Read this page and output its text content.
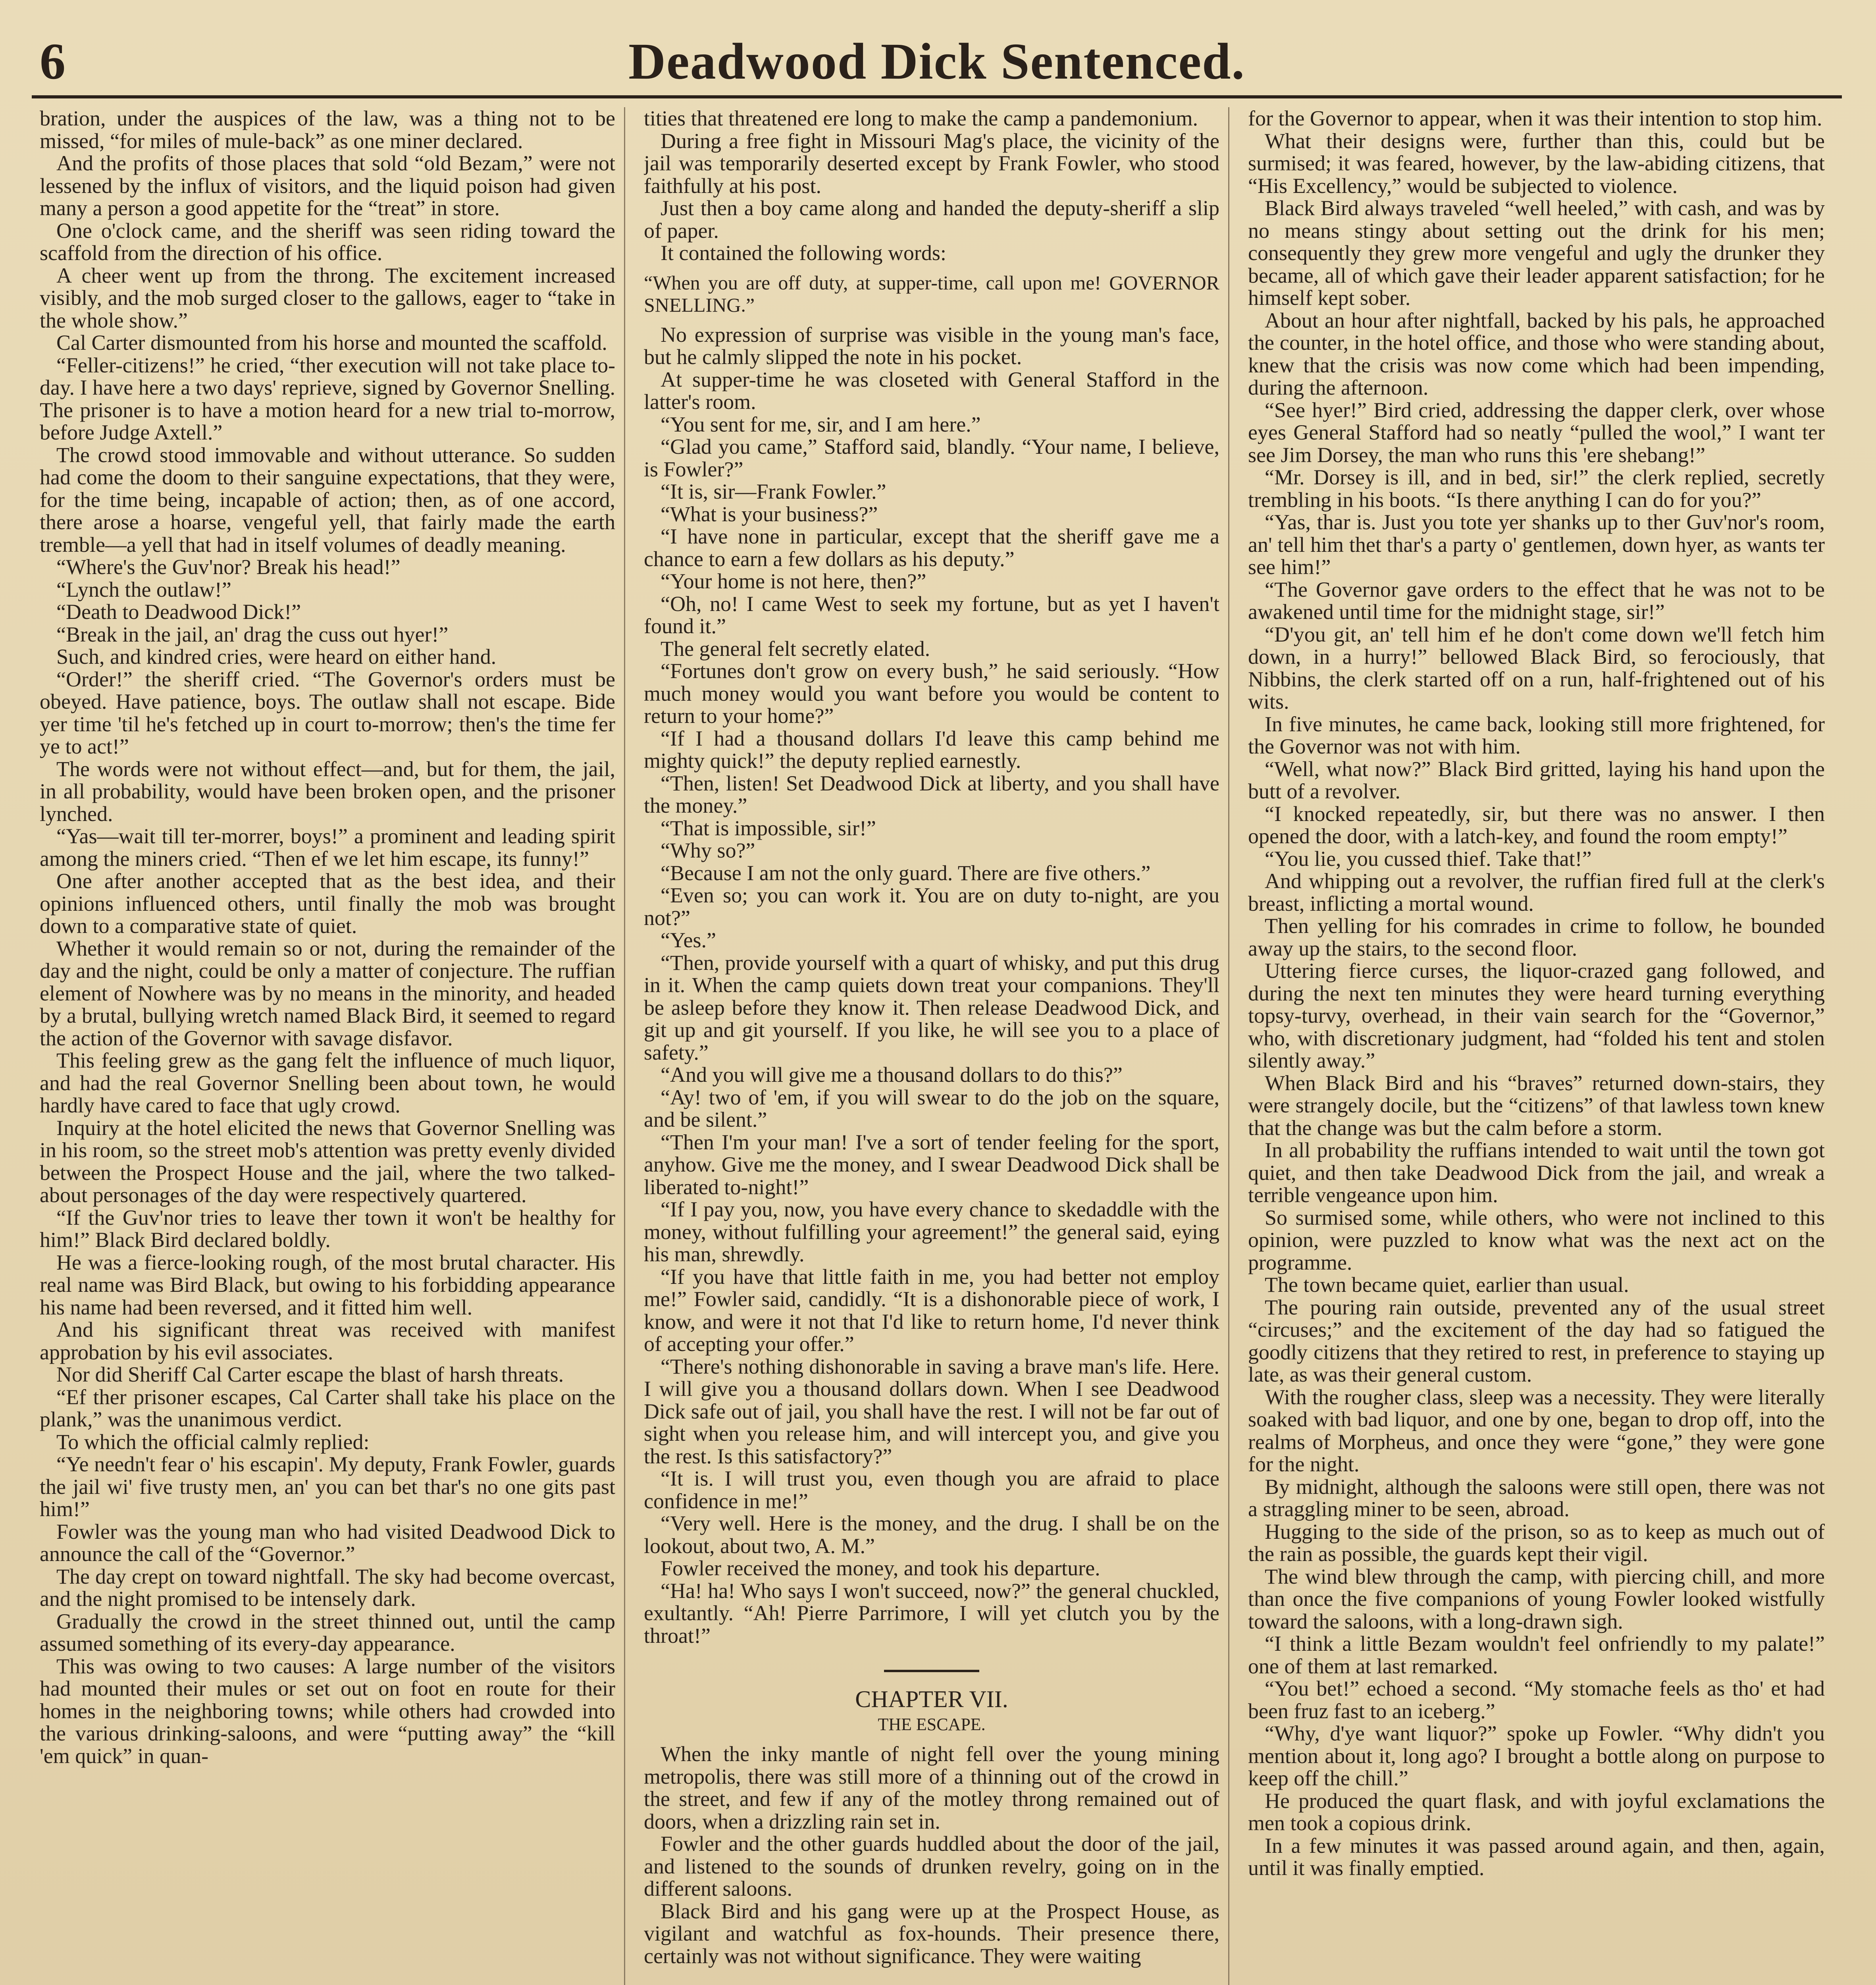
6	Deadwood Dick Sentenced.

bration, under the auspices of the law, was a thing not to be missed, “for miles of mule-back” as one miner declared.

And the profits of those places that sold “old Bezam,” were not lessened by the influx of visitors, and the liquid poison had given many a person a good appetite for the “treat” in store.

One o'clock came, and the sheriff was seen riding toward the scaffold from the direction of his office.

A cheer went up from the throng. The excitement increased visibly, and the mob surged closer to the gallows, eager to “take in the whole show.”

Cal Carter dismounted from his horse and mounted the scaffold.

“Feller-citizens!” he cried, “ther execution will not take place to-day. I have here a two days' reprieve, signed by Governor Snelling. The prisoner is to have a motion heard for a new trial to-morrow, before Judge Axtell.”

The crowd stood immovable and without utterance. So sudden had come the doom to their sanguine expectations, that they were, for the time being, incapable of action; then, as of one accord, there arose a hoarse, vengeful yell, that fairly made the earth tremble—a yell that had in itself volumes of deadly meaning.

“Where's the Guv'nor? Break his head!”

“Lynch the outlaw!”

“Death to Deadwood Dick!”

“Break in the jail, an' drag the cuss out hyer!”

Such, and kindred cries, were heard on either hand.

“Order!” the sheriff cried. “The Governor's orders must be obeyed. Have patience, boys. The outlaw shall not escape. Bide yer time 'til he's fetched up in court to-morrow; then's the time fer ye to act!”

The words were not without effect—and, but for them, the jail, in all probability, would have been broken open, and the prisoner lynched.

“Yas—wait till ter-morrer, boys!” a prominent and leading spirit among the miners cried. “Then ef we let him escape, its funny!”

One after another accepted that as the best idea, and their opinions influenced others, until finally the mob was brought down to a comparative state of quiet.

Whether it would remain so or not, during the remainder of the day and the night, could be only a matter of conjecture. The ruffian element of Nowhere was by no means in the minority, and headed by a brutal, bullying wretch named Black Bird, it seemed to regard the action of the Governor with savage disfavor.

This feeling grew as the gang felt the influence of much liquor, and had the real Governor Snelling been about town, he would hardly have cared to face that ugly crowd.

Inquiry at the hotel elicited the news that Governor Snelling was in his room, so the street mob's attention was pretty evenly divided between the Prospect House and the jail, where the two talked-about personages of the day were respectively quartered.

“If the Guv'nor tries to leave ther town it won't be healthy for him!” Black Bird declared boldly.

He was a fierce-looking rough, of the most brutal character. His real name was Bird Black, but owing to his forbidding appearance his name had been reversed, and it fitted him well.

And his significant threat was received with manifest approbation by his evil associates.

Nor did Sheriff Cal Carter escape the blast of harsh threats.

“Ef ther prisoner escapes, Cal Carter shall take his place on the plank,” was the unanimous verdict.

To which the official calmly replied:

“Ye needn't fear o' his escapin'. My deputy, Frank Fowler, guards the jail wi' five trusty men, an' you can bet thar's no one gits past him!”

Fowler was the young man who had visited Deadwood Dick to announce the call of the “Governor.”

The day crept on toward nightfall. The sky had become overcast, and the night promised to be intensely dark.

Gradually the crowd in the street thinned out, until the camp assumed something of its every-day appearance.

This was owing to two causes: A large number of the visitors had mounted their mules or set out on foot en route for their homes in the neighboring towns; while others had crowded into the various drinking-saloons, and were “putting away” the “kill 'em quick” in quan-

tities that threatened ere long to make the camp a pandemonium.

During a free fight in Missouri Mag's place, the vicinity of the jail was temporarily deserted except by Frank Fowler, who stood faithfully at his post.

Just then a boy came along and handed the deputy-sheriff a slip of paper.

It contained the following words:

“When you are off duty, at supper-time, call upon me! GOVERNOR SNELLING.”

No expression of surprise was visible in the young man's face, but he calmly slipped the note in his pocket.

At supper-time he was closeted with General Stafford in the latter's room.

“You sent for me, sir, and I am here.”

“Glad you came,” Stafford said, blandly. “Your name, I believe, is Fowler?”

“It is, sir—Frank Fowler.”

“What is your business?”

“I have none in particular, except that the sheriff gave me a chance to earn a few dollars as his deputy.”

“Your home is not here, then?”

“Oh, no! I came West to seek my fortune, but as yet I haven't found it.”

The general felt secretly elated.

“Fortunes don't grow on every bush,” he said seriously. “How much money would you want before you would be content to return to your home?”

“If I had a thousand dollars I'd leave this camp behind me mighty quick!” the deputy replied earnestly.

“Then, listen! Set Deadwood Dick at liberty, and you shall have the money.”

“That is impossible, sir!”

“Why so?”

“Because I am not the only guard. There are five others.”

“Even so; you can work it. You are on duty to-night, are you not?”

“Yes.”

“Then, provide yourself with a quart of whisky, and put this drug in it. When the camp quiets down treat your companions. They'll be asleep before they know it. Then release Deadwood Dick, and git up and git yourself. If you like, he will see you to a place of safety.”

“And you will give me a thousand dollars to do this?”

“Ay! two of 'em, if you will swear to do the job on the square, and be silent.”

“Then I'm your man! I've a sort of tender feeling for the sport, anyhow. Give me the money, and I swear Deadwood Dick shall be liberated to-night!”

“If I pay you, now, you have every chance to skedaddle with the money, without fulfilling your agreement!” the general said, eying his man, shrewdly.

“If you have that little faith in me, you had better not employ me!” Fowler said, candidly. “It is a dishonorable piece of work, I know, and were it not that I'd like to return home, I'd never think of accepting your offer.”

“There's nothing dishonorable in saving a brave man's life. Here. I will give you a thousand dollars down. When I see Deadwood Dick safe out of jail, you shall have the rest. I will not be far out of sight when you release him, and will intercept you, and give you the rest. Is this satisfactory?”

“It is. I will trust you, even though you are afraid to place confidence in me!”

“Very well. Here is the money, and the drug. I shall be on the lookout, about two, A. M.”

Fowler received the money, and took his departure.

“Ha! ha! Who says I won't succeed, now?” the general chuckled, exultantly. “Ah! Pierre Parrimore, I will yet clutch you by the throat!”

CHAPTER VII.

THE ESCAPE.

When the inky mantle of night fell over the young mining metropolis, there was still more of a thinning out of the crowd in the street, and few if any of the motley throng remained out of doors, when a drizzling rain set in.

Fowler and the other guards huddled about the door of the jail, and listened to the sounds of drunken revelry, going on in the different saloons.

Black Bird and his gang were up at the Prospect House, as vigilant and watchful as fox-hounds. Their presence there, certainly was not without significance. They were waiting

for the Governor to appear, when it was their intention to stop him.

What their designs were, further than this, could but be surmised; it was feared, however, by the law-abiding citizens, that “His Excellency,” would be subjected to violence.

Black Bird always traveled “well heeled,” with cash, and was by no means stingy about setting out the drink for his men; consequently they grew more vengeful and ugly the drunker they became, all of which gave their leader apparent satisfaction; for he himself kept sober.

About an hour after nightfall, backed by his pals, he approached the counter, in the hotel office, and those who were standing about, knew that the crisis was now come which had been impending, during the afternoon.

“See hyer!” Bird cried, addressing the dapper clerk, over whose eyes General Stafford had so neatly “pulled the wool,” I want ter see Jim Dorsey, the man who runs this 'ere shebang!”

“Mr. Dorsey is ill, and in bed, sir!” the clerk replied, secretly trembling in his boots. “Is there anything I can do for you?”

“Yas, thar is. Just you tote yer shanks up to ther Guv'nor's room, an' tell him thet thar's a party o' gentlemen, down hyer, as wants ter see him!”

“The Governor gave orders to the effect that he was not to be awakened until time for the midnight stage, sir!”

“D'you git, an' tell him ef he don't come down we'll fetch him down, in a hurry!” bellowed Black Bird, so ferociously, that Nibbins, the clerk started off on a run, half-frightened out of his wits.

In five minutes, he came back, looking still more frightened, for the Governor was not with him.

“Well, what now?” Black Bird gritted, laying his hand upon the butt of a revolver.

“I knocked repeatedly, sir, but there was no answer. I then opened the door, with a latch-key, and found the room empty!”

“You lie, you cussed thief. Take that!”

And whipping out a revolver, the ruffian fired full at the clerk's breast, inflicting a mortal wound.

Then yelling for his comrades in crime to follow, he bounded away up the stairs, to the second floor.

Uttering fierce curses, the liquor-crazed gang followed, and during the next ten minutes they were heard turning everything topsy-turvy, overhead, in their vain search for the “Governor,” who, with discretionary judgment, had “folded his tent and stolen silently away.”

When Black Bird and his “braves” returned down-stairs, they were strangely docile, but the “citizens” of that lawless town knew that the change was but the calm before a storm.

In all probability the ruffians intended to wait until the town got quiet, and then take Deadwood Dick from the jail, and wreak a terrible vengeance upon him.

So surmised some, while others, who were not inclined to this opinion, were puzzled to know what was the next act on the programme.

The town became quiet, earlier than usual.

The pouring rain outside, prevented any of the usual street “circuses;” and the excitement of the day had so fatigued the goodly citizens that they retired to rest, in preference to staying up late, as was their general custom.

With the rougher class, sleep was a necessity. They were literally soaked with bad liquor, and one by one, began to drop off, into the realms of Morpheus, and once they were “gone,” they were gone for the night.

By midnight, although the saloons were still open, there was not a straggling miner to be seen, abroad.

Hugging to the side of the prison, so as to keep as much out of the rain as possible, the guards kept their vigil.

The wind blew through the camp, with piercing chill, and more than once the five companions of young Fowler looked wistfully toward the saloons, with a long-drawn sigh.

“I think a little Bezam wouldn't feel onfriendly to my palate!” one of them at last remarked.

“You bet!” echoed a second. “My stomache feels as tho' et had been fruz fast to an iceberg.”

“Why, d'ye want liquor?” spoke up Fowler. “Why didn't you mention about it, long ago? I brought a bottle along on purpose to keep off the chill.”

He produced the quart flask, and with joyful exclamations the men took a copious drink.

In a few minutes it was passed around again, and then, again, until it was finally emptied.
